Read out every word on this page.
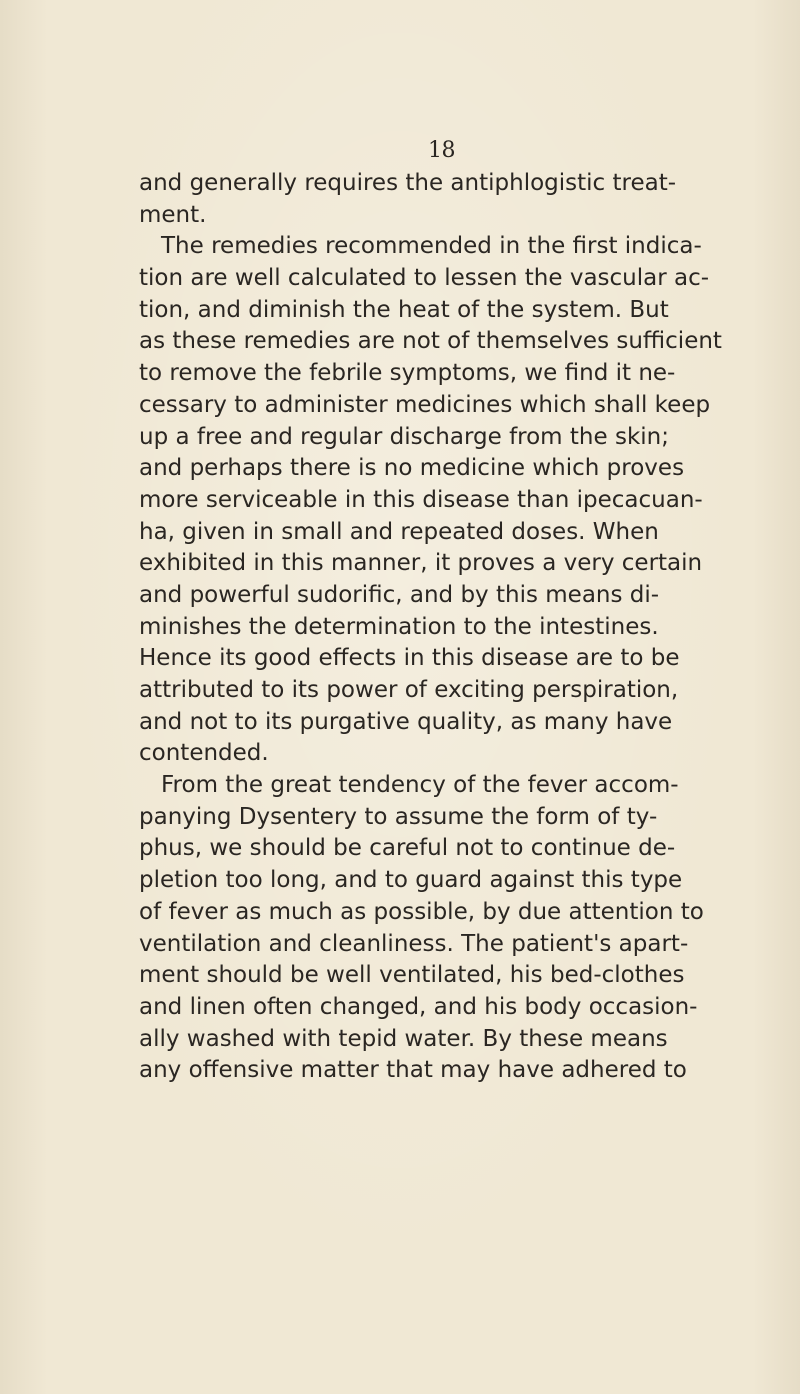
18
and generally requires the antiphlogistic treat-
ment.
The remedies recommended in the first indica-
tion are well calculated to lessen the vascular ac-
tion, and diminish the heat of the system. But
as these remedies are not of themselves sufficient
to remove the febrile symptoms, we find it ne-
cessary to administer medicines which shall keep
up a free and regular discharge from the skin;
and perhaps there is no medicine which proves
more serviceable in this disease than ipecacuan-
ha, given in small and repeated doses. When
exhibited in this manner, it proves a very certain
and powerful sudorific, and by this means di-
minishes the determination to the intestines.
Hence its good effects in this disease are to be
attributed to its power of exciting perspiration,
and not to its purgative quality, as many have
contended.
From the great tendency of the fever accom-
panying Dysentery to assume the form of ty-
phus, we should be careful not to continue de-
pletion too long, and to guard against this type
of fever as much as possible, by due attention to
ventilation and cleanliness. The patient's apart-
ment should be well ventilated, his bed-clothes
and linen often changed, and his body occasion-
ally washed with tepid water. By these means
any offensive matter that may have adhered to
